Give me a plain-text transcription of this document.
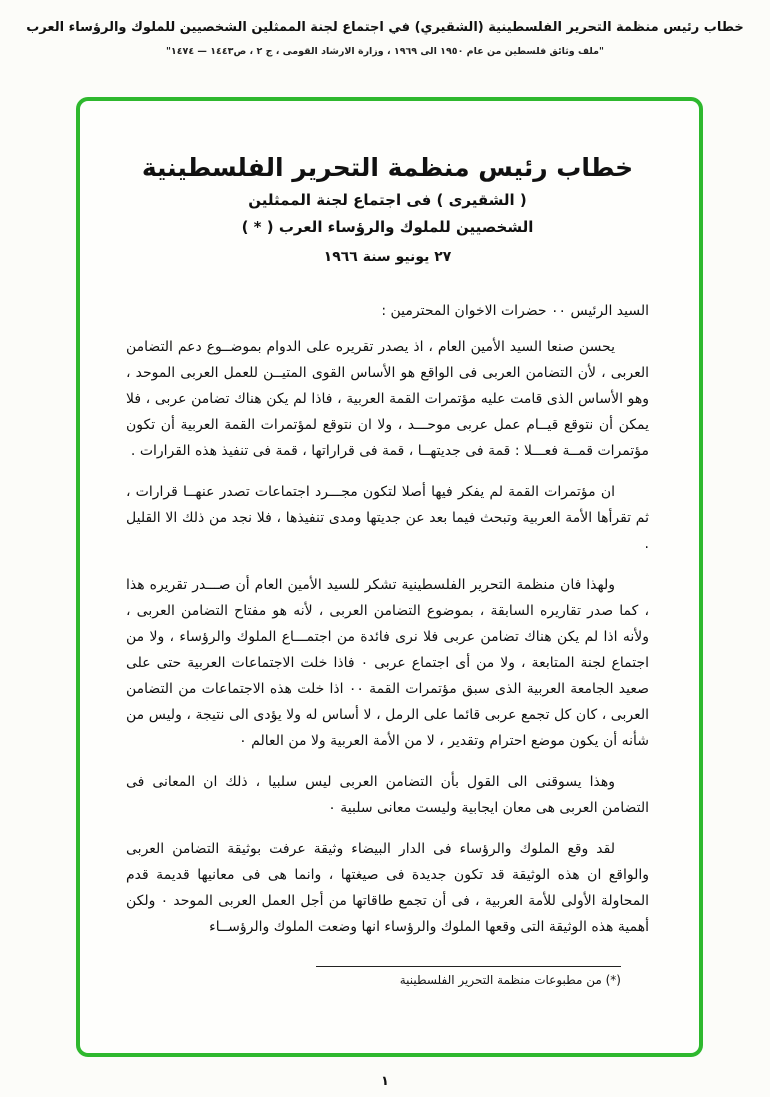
خطاب رئيس منظمة التحرير الفلسطينية (الشقيري) في اجتماع لجنة الممثلين الشخصيين للملوك والرؤساء العرب
"ملف وثائق فلسطين من عام ١٩٥٠ الى ١٩٦٩ ، وزارة الارشاد القومى ، ج ٢ ، ص١٤٤٣ — ١٤٧٤"
خطاب رئيس منظمة التحرير الفلسطينية
( الشقيرى ) فى اجتماع لجنة الممثلين
الشخصيين للملوك والرؤساء العرب ( * )
٢٧ يونيو سنة ١٩٦٦

السيد الرئيس ٠٠ حضرات الاخوان المحترمين :

يحسن صنعا السيد الأمين العام ، اذ يصدر تقريره على الدوام بموضــوع دعم التضامن العربى ، لأن التضامن العربى فى الواقع هو الأساس القوى المتيــن للعمل العربى الموحد ، وهو الأساس الذى قامت عليه مؤتمرات القمة العربية ، فاذا لم يكن هناك تضامن عربى ، فلا يمكن أن نتوقع قيــام عمل عربى موحـــد ، ولا ان نتوقع لمؤتمرات القمة العربية أن تكون مؤتمرات قمــة فعـــلا : قمة فى جديتهــا ، قمة فى قراراتها ، قمة فى تنفيذ هذه القرارات .

ان مؤتمرات القمة لم يفكر فيها أصلا لتكون مجـــرد اجتماعات تصدر عنهــا قرارات ، ثم تقرأها الأمة العربية وتبحث فيما بعد عن جديتها ومدى تنفيذها ، فلا نجد من ذلك الا القليل .

ولهذا فان منظمة التحرير الفلسطينية تشكر للسيد الأمين العام أن صـــدر تقريره هذا ، كما صدر تقاريره السابقة ، بموضوع التضامن العربى ، لأنه هو مفتاح التضامن العربى ، ولأنه اذا لم يكن هناك تضامن عربى فلا نرى فائدة من اجتمـــاع الملوك والرؤساء ، ولا من اجتماع لجنة المتابعة ، ولا من أى اجتماع عربى ٠ فاذا خلت الاجتماعات العربية حتى على صعيد الجامعة العربية الذى سبق مؤتمرات القمة ٠٠ اذا خلت هذه الاجتماعات من التضامن العربى ، كان كل تجمع عربى قائما على الرمل ، لا أساس له ولا يؤدى الى نتيجة ، وليس من شأنه أن يكون موضع احترام وتقدير ، لا من الأمة العربية ولا من العالم ٠

وهذا يسوقنى الى القول بأن التضامن العربى ليس سلبيا ، ذلك ان المعانى فى التضامن العربى هى معان ايجابية وليست معانى سلبية ٠

لقد وقع الملوك والرؤساء فى الدار البيضاء وثيقة عرفت بوثيقة التضامن العربى والواقع ان هذه الوثيقة قد تكون جديدة فى صيغتها ، وانما هى فى معانيها قديمة قدم المحاولة الأولى للأمة العربية ، فى أن تجمع طاقاتها من أجل العمل العربى الموحد ٠ ولكن أهمية هذه الوثيقة التى وقعها الملوك والرؤساء انها وضعت الملوك والرؤســاء

(*) من مطبوعات منظمة التحرير الفلسطينية
١
